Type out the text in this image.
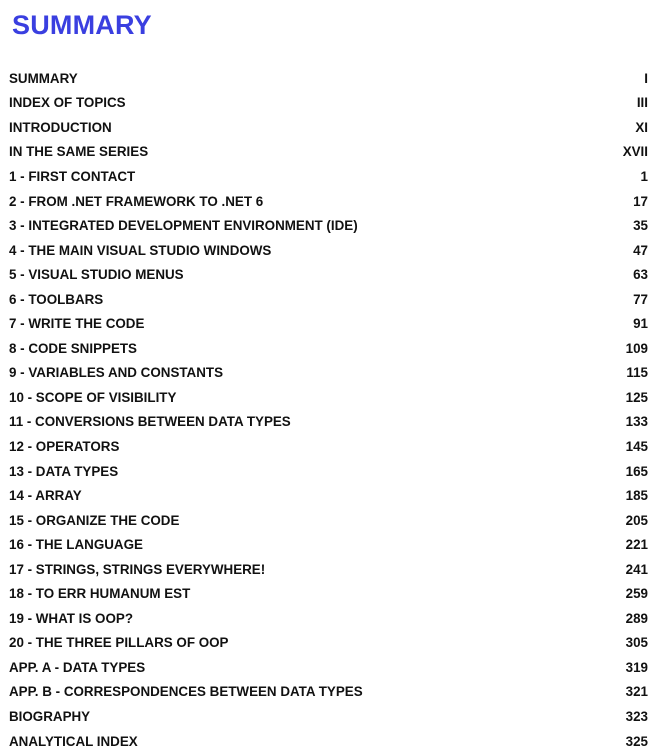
SUMMARY
SUMMARY	I
INDEX OF TOPICS	III
INTRODUCTION	XI
IN THE SAME SERIES	XVII
1 - FIRST CONTACT	1
2 - FROM .NET FRAMEWORK TO .NET 6	17
3 - INTEGRATED DEVELOPMENT ENVIRONMENT (IDE)	35
4 - THE MAIN VISUAL STUDIO WINDOWS	47
5 - VISUAL STUDIO MENUS	63
6 - TOOLBARS	77
7 - WRITE THE CODE	91
8 - CODE SNIPPETS	109
9 - VARIABLES AND CONSTANTS	115
10 - SCOPE OF VISIBILITY	125
11 - CONVERSIONS BETWEEN DATA TYPES	133
12 - OPERATORS	145
13 - DATA TYPES	165
14 - ARRAY	185
15 - ORGANIZE THE CODE	205
16 - THE LANGUAGE	221
17 - STRINGS, STRINGS EVERYWHERE!	241
18 - TO ERR HUMANUM EST	259
19 - WHAT IS OOP?	289
20 - THE THREE PILLARS OF OOP	305
APP. A - DATA TYPES	319
APP. B - CORRESPONDENCES BETWEEN DATA TYPES	321
BIOGRAPHY	323
ANALYTICAL INDEX	325
